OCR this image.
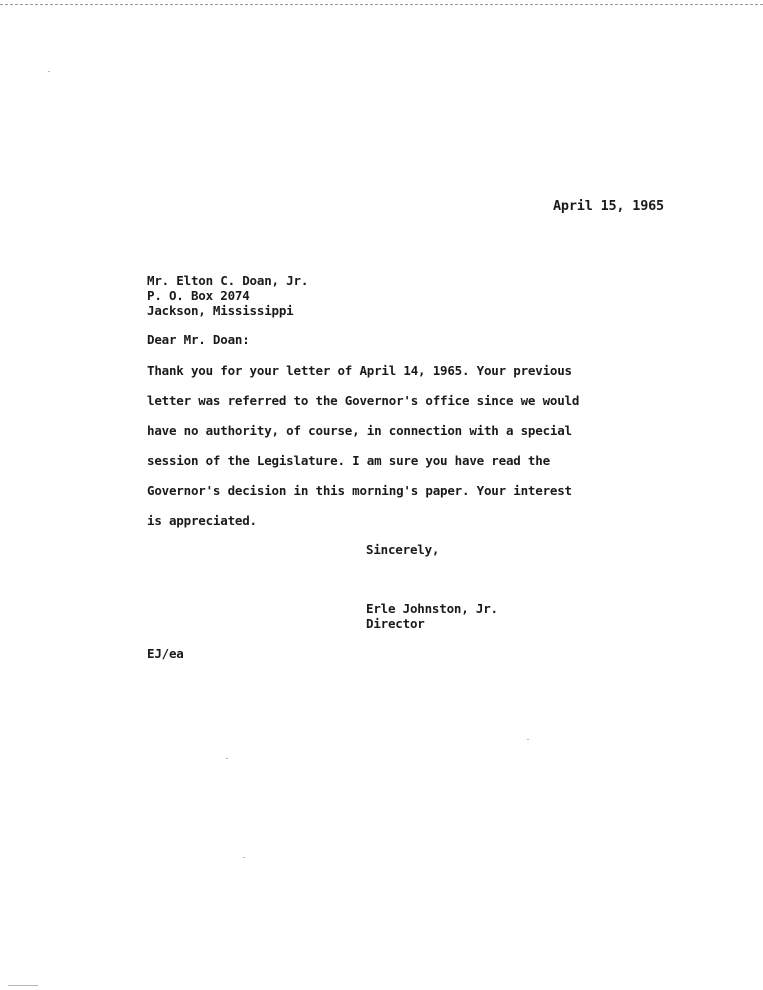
April 15, 1965
Mr. Elton C. Doan, Jr.
P. O. Box 2074
Jackson, Mississippi
Dear Mr. Doan:
Thank you for your letter of April 14, 1965. Your previous
letter was referred to the Governor's office since we would
have no authority, of course, in connection with a special
session of the Legislature. I am sure you have read the
Governor's decision in this morning's paper. Your interest
is appreciated.
Sincerely,
Erle Johnston, Jr.
Director
EJ/ea
